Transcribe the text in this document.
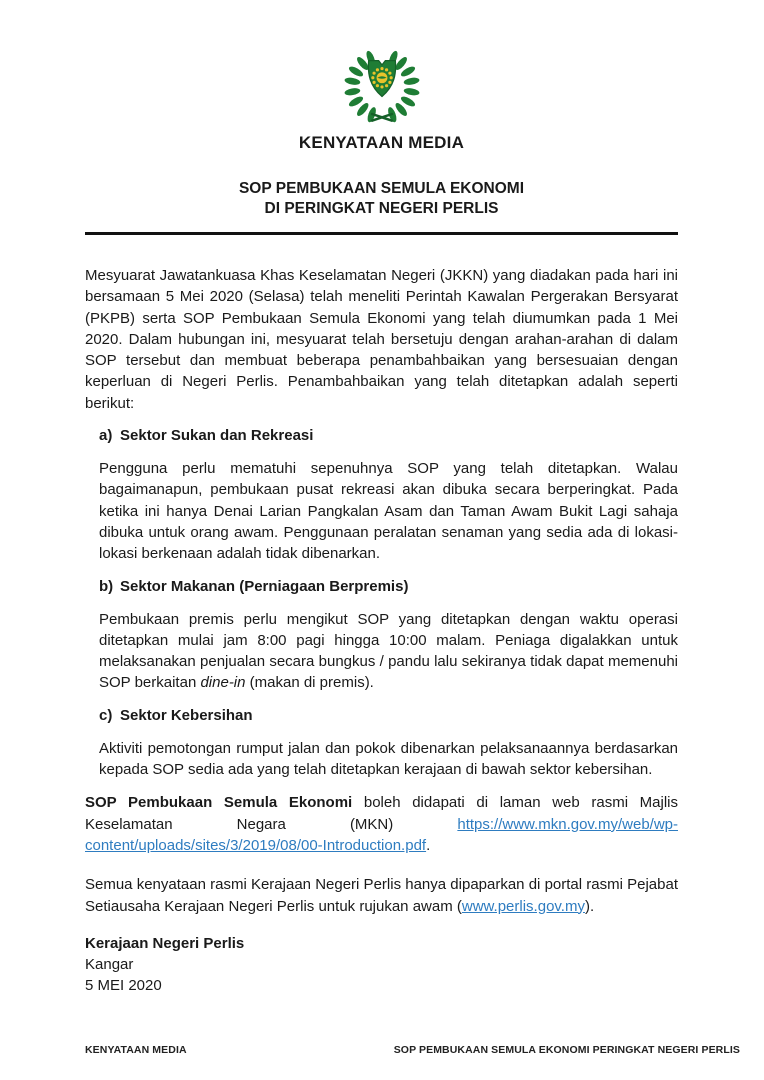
KENYATAAN MEDIA
SOP PEMBUKAAN SEMULA EKONOMI
DI PERINGKAT NEGERI PERLIS

Mesyuarat Jawatankuasa Khas Keselamatan Negeri (JKKN) yang diadakan pada hari ini bersamaan 5 Mei 2020 (Selasa) telah meneliti Perintah Kawalan Pergerakan Bersyarat (PKPB) serta SOP Pembukaan Semula Ekonomi yang telah diumumkan pada 1 Mei 2020. Dalam hubungan ini, mesyuarat telah bersetuju dengan arahan-arahan di dalam SOP tersebut dan membuat beberapa penambahbaikan yang bersesuaian dengan keperluan di Negeri Perlis. Penambahbaikan yang telah ditetapkan adalah seperti berikut:

a) Sektor Sukan dan Rekreasi

Pengguna perlu mematuhi sepenuhnya SOP yang telah ditetapkan. Walau bagaimanapun, pembukaan pusat rekreasi akan dibuka secara berperingkat. Pada ketika ini hanya Denai Larian Pangkalan Asam dan Taman Awam Bukit Lagi sahaja dibuka untuk orang awam. Penggunaan peralatan senaman yang sedia ada di lokasi-lokasi berkenaan adalah tidak dibenarkan.

b) Sektor Makanan (Perniagaan Berpremis)

Pembukaan premis perlu mengikut SOP yang ditetapkan dengan waktu operasi ditetapkan mulai jam 8:00 pagi hingga 10:00 malam. Peniaga digalakkan untuk melaksanakan penjualan secara bungkus / pandu lalu sekiranya tidak dapat memenuhi SOP berkaitan dine-in (makan di premis).

c) Sektor Kebersihan

Aktiviti pemotongan rumput jalan dan pokok dibenarkan pelaksanaannya berdasarkan kepada SOP sedia ada yang telah ditetapkan kerajaan di bawah sektor kebersihan.

SOP Pembukaan Semula Ekonomi boleh didapati di laman web rasmi Majlis Keselamatan Negara (MKN)	https://www.mkn.gov.my/web/wp-content/uploads/sites/3/2019/08/00-Introduction.pdf.

Semua kenyataan rasmi Kerajaan Negeri Perlis hanya dipaparkan di portal rasmi Pejabat Setiausaha Kerajaan Negeri Perlis untuk rujukan awam (www.perlis.gov.my).

Kerajaan Negeri Perlis
Kangar
5 MEI 2020
KENYATAAN MEDIA	SOP PEMBUKAAN SEMULA EKONOMI PERINGKAT NEGERI PERLIS
